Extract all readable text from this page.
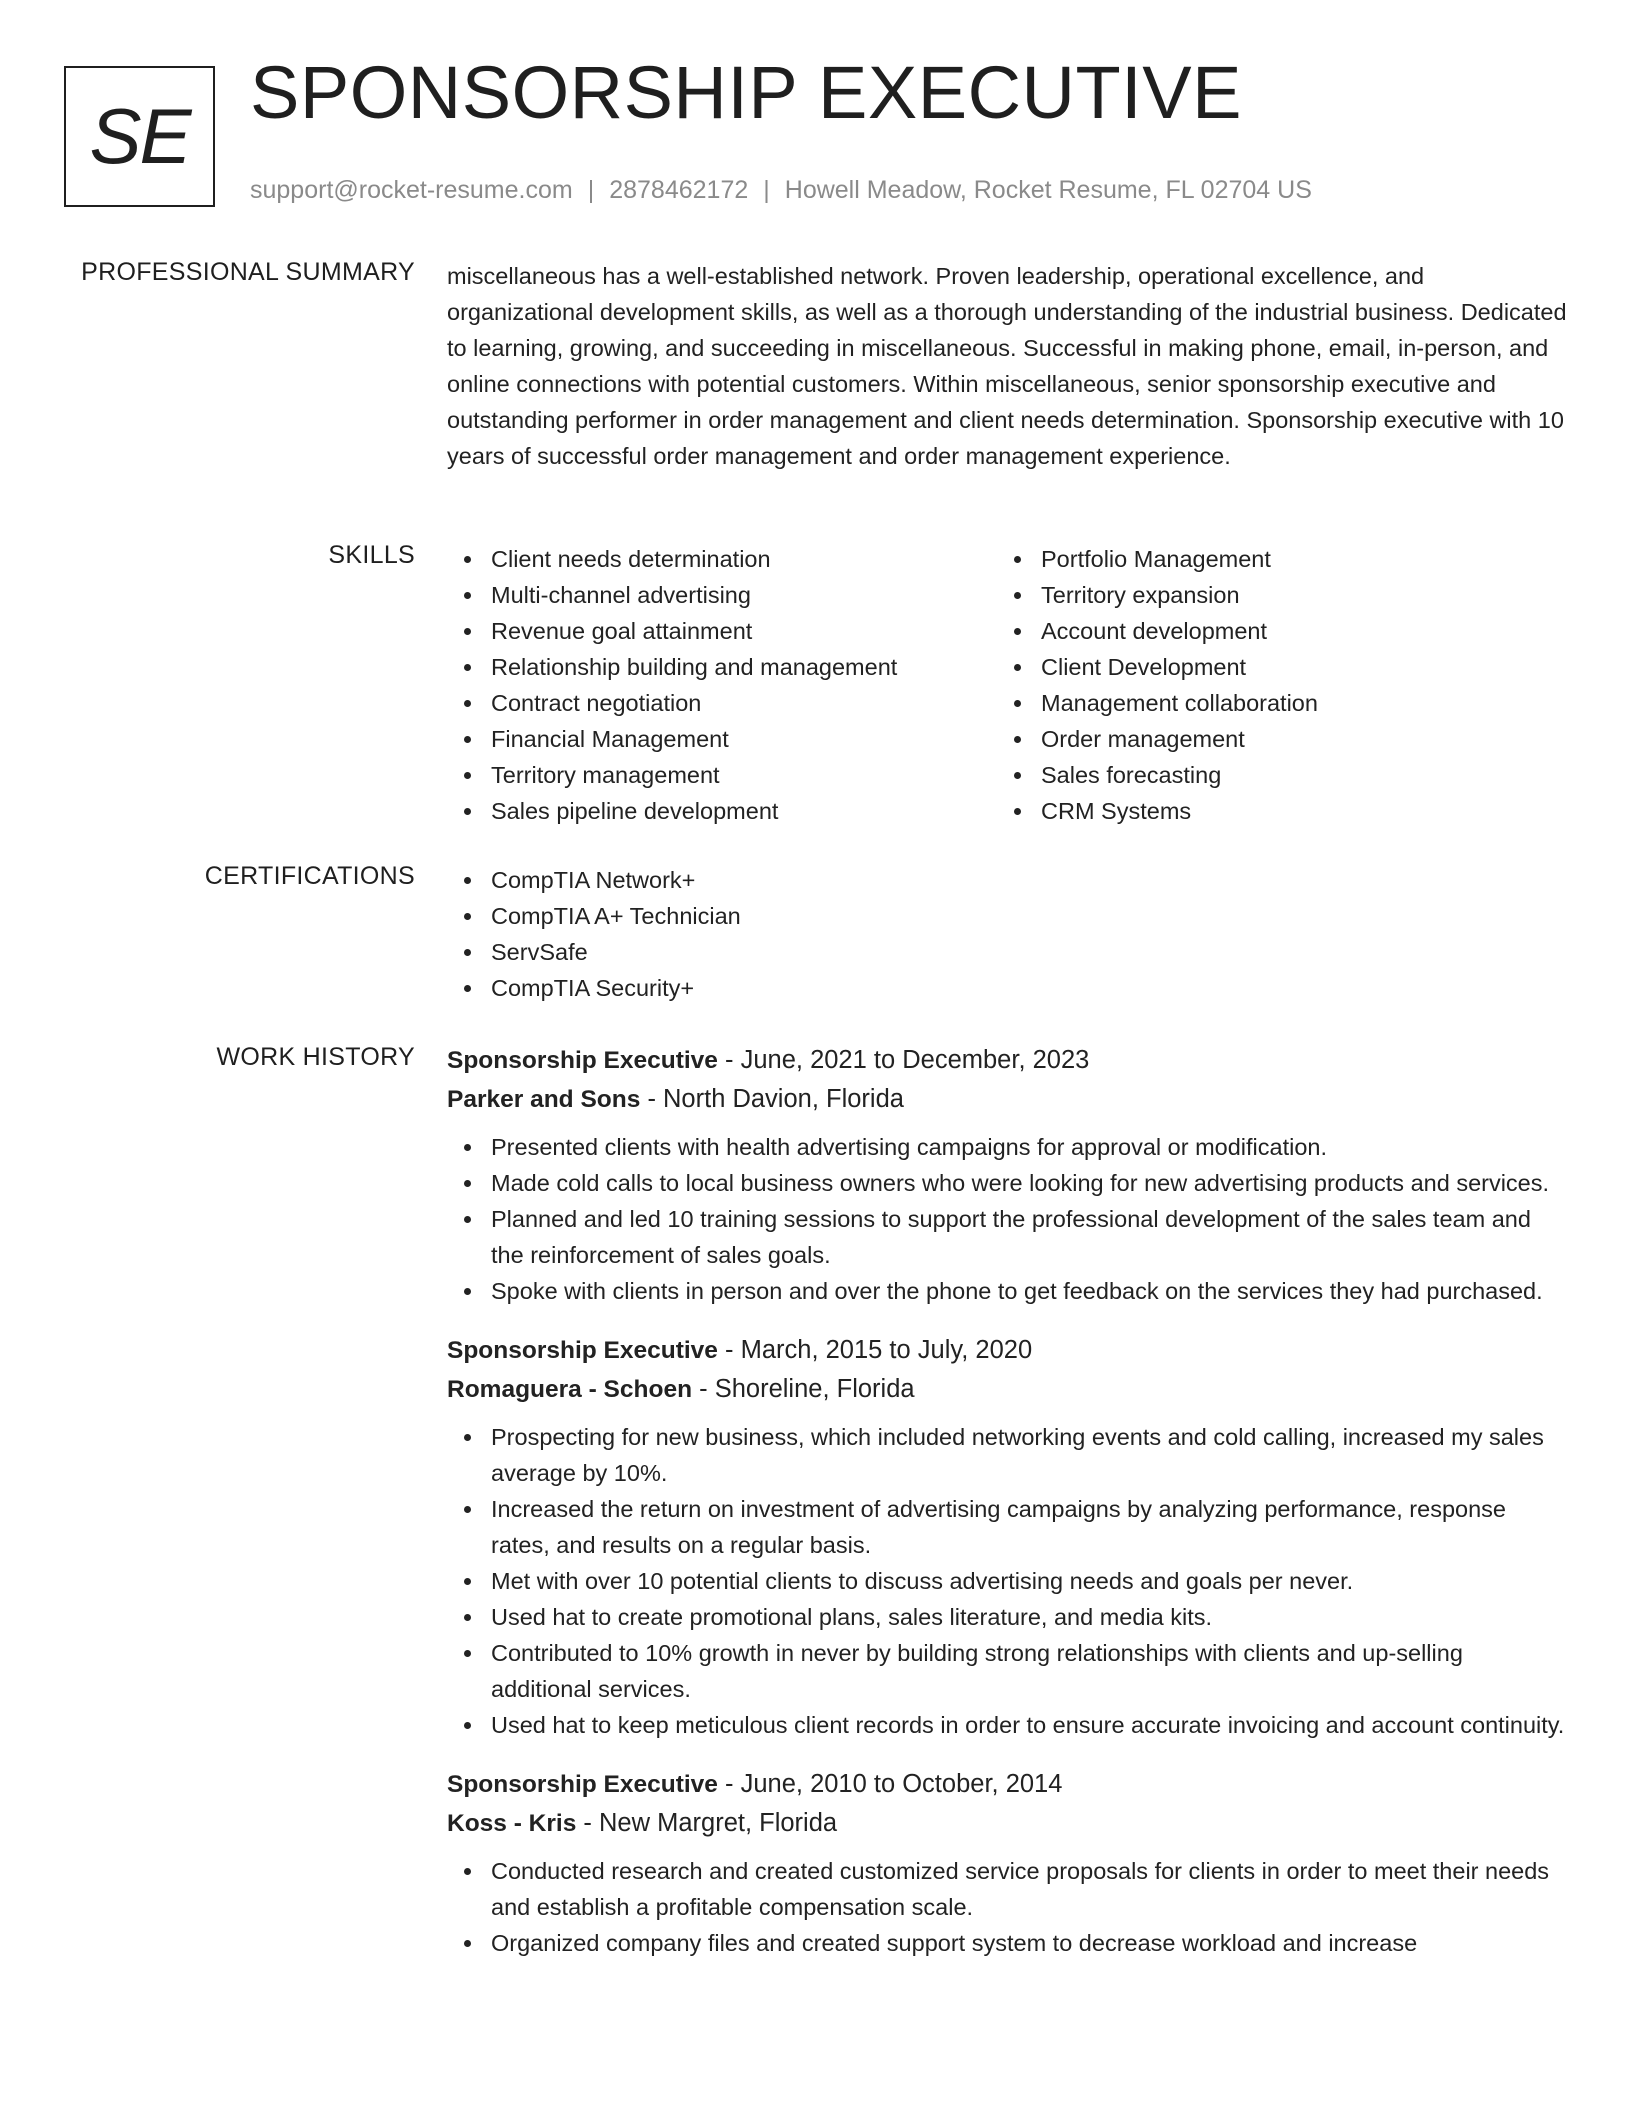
SE SPONSORSHIP EXECUTIVE
support@rocket-resume.com | 2878462172 | Howell Meadow, Rocket Resume, FL 02704 US
PROFESSIONAL SUMMARY miscellaneous has a well-established network. Proven leadership, operational excellence, and organizational development skills, as well as a thorough understanding of the industrial business. Dedicated to learning, growing, and succeeding in miscellaneous. Successful in making phone, email, in-person, and online connections with potential customers. Within miscellaneous, senior sponsorship executive and outstanding performer in order management and client needs determination. Sponsorship executive with 10 years of successful order management and order management experience.

SKILLS	Client needs determination
Multi-channel advertising
Revenue goal attainment
Relationship building and management
Contract negotiation
Financial Management
Territory management
Sales pipeline development
Portfolio Management
Territory expansion
Account development
Client Development
Management collaboration
Order management
Sales forecasting
CRM Systems
CERTIFICATIONS	CompTIA Network+
CompTIA A+ Technician
ServSafe
CompTIA Security+
WORK HISTORY Sponsorship Executive - June, 2021 to December, 2023
Parker and Sons - North Davion, Florida
Presented clients with health advertising campaigns for approval or modification.
Made cold calls to local business owners who were looking for new advertising products and services.
Planned and led 10 training sessions to support the professional development of the sales team and the reinforcement of sales goals.
Spoke with clients in person and over the phone to get feedback on the services they had purchased.
Sponsorship Executive - March, 2015 to July, 2020
Romaguera - Schoen - Shoreline, Florida
Prospecting for new business, which included networking events and cold calling, increased my sales average by 10%.
Increased the return on investment of advertising campaigns by analyzing performance, response rates, and results on a regular basis.
Met with over 10 potential clients to discuss advertising needs and goals per never.
Used hat to create promotional plans, sales literature, and media kits.
Contributed to 10% growth in never by building strong relationships with clients and up-selling additional services.
Used hat to keep meticulous client records in order to ensure accurate invoicing and account continuity.
Sponsorship Executive - June, 2010 to October, 2014
Koss - Kris - New Margret, Florida
Conducted research and created customized service proposals for clients in order to meet their needs and establish a profitable compensation scale.
Organized company files and created support system to decrease workload and increase
